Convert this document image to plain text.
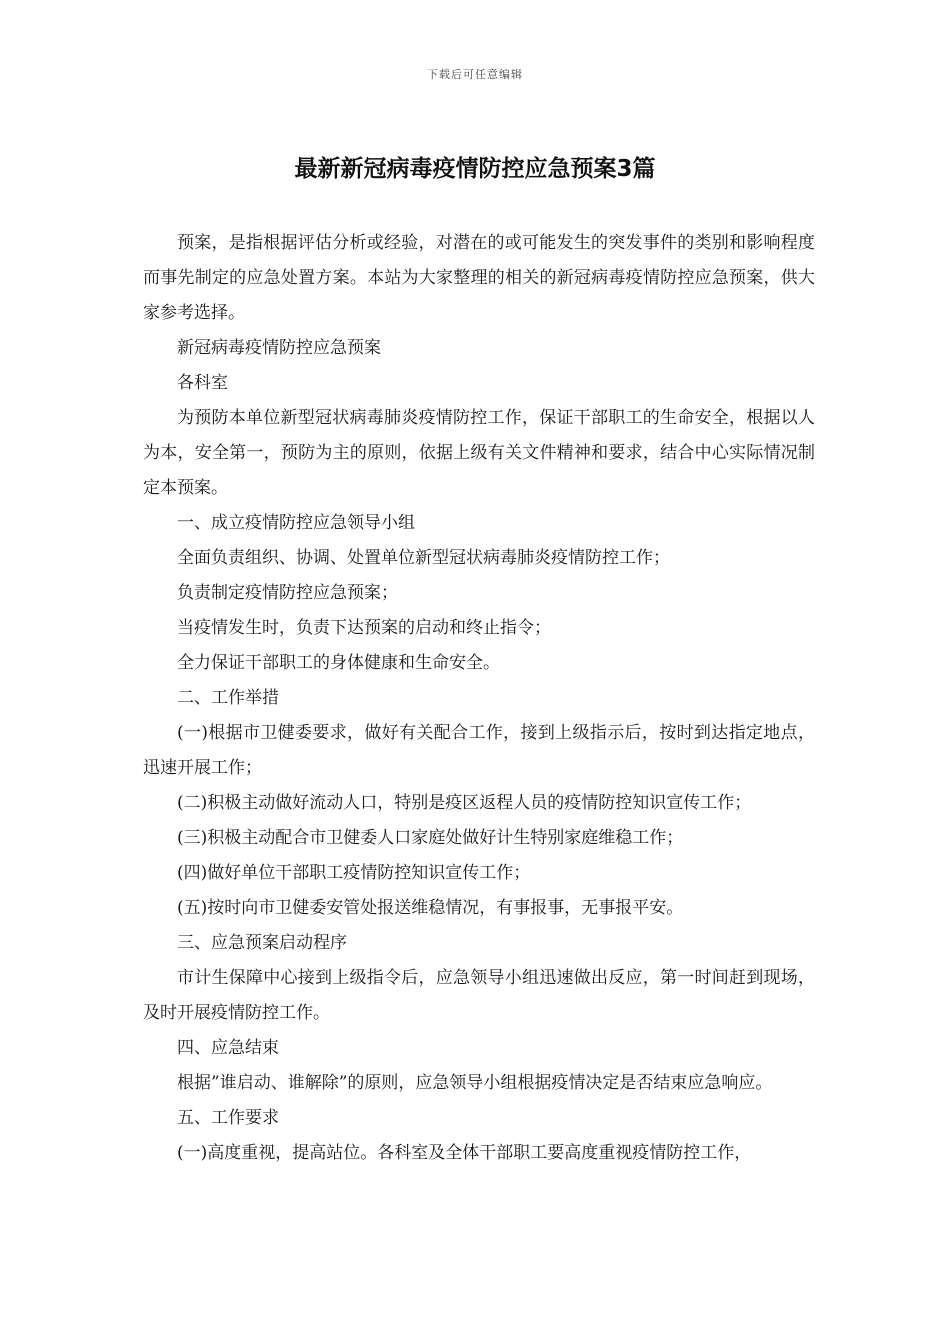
下载后可任意编辑
最新新冠病毒疫情防控应急预案3篇

预案，是指根据评估分析或经验，对潜在的或可能发生的突发事件的类别和影响程度而事先制定的应急处置方案。本站为大家整理的相关的新冠病毒疫情防控应急预案，供大家参考选择。

新冠病毒疫情防控应急预案

各科室

为预防本单位新型冠状病毒肺炎疫情防控工作，保证干部职工的生命安全，根据以人为本，安全第一，预防为主的原则，依据上级有关文件精神和要求，结合中心实际情况制定本预案。

一、成立疫情防控应急领导小组

全面负责组织、协调、处置单位新型冠状病毒肺炎疫情防控工作；

负责制定疫情防控应急预案；

当疫情发生时，负责下达预案的启动和终止指令；

全力保证干部职工的身体健康和生命安全。

二、工作举措

(一)根据市卫健委要求，做好有关配合工作，接到上级指示后，按时到达指定地点，迅速开展工作；

(二)积极主动做好流动人口，特别是疫区返程人员的疫情防控知识宣传工作；

(三)积极主动配合市卫健委人口家庭处做好计生特别家庭维稳工作；

(四)做好单位干部职工疫情防控知识宣传工作；

(五)按时向市卫健委安管处报送维稳情况，有事报事，无事报平安。

三、应急预案启动程序

市计生保障中心接到上级指令后，应急领导小组迅速做出反应，第一时间赶到现场，及时开展疫情防控工作。

四、应急结束

根据”谁启动、谁解除”的原则，应急领导小组根据疫情决定是否结束应急响应。

五、工作要求

(一)高度重视，提高站位。各科室及全体干部职工要高度重视疫情防控工作，
